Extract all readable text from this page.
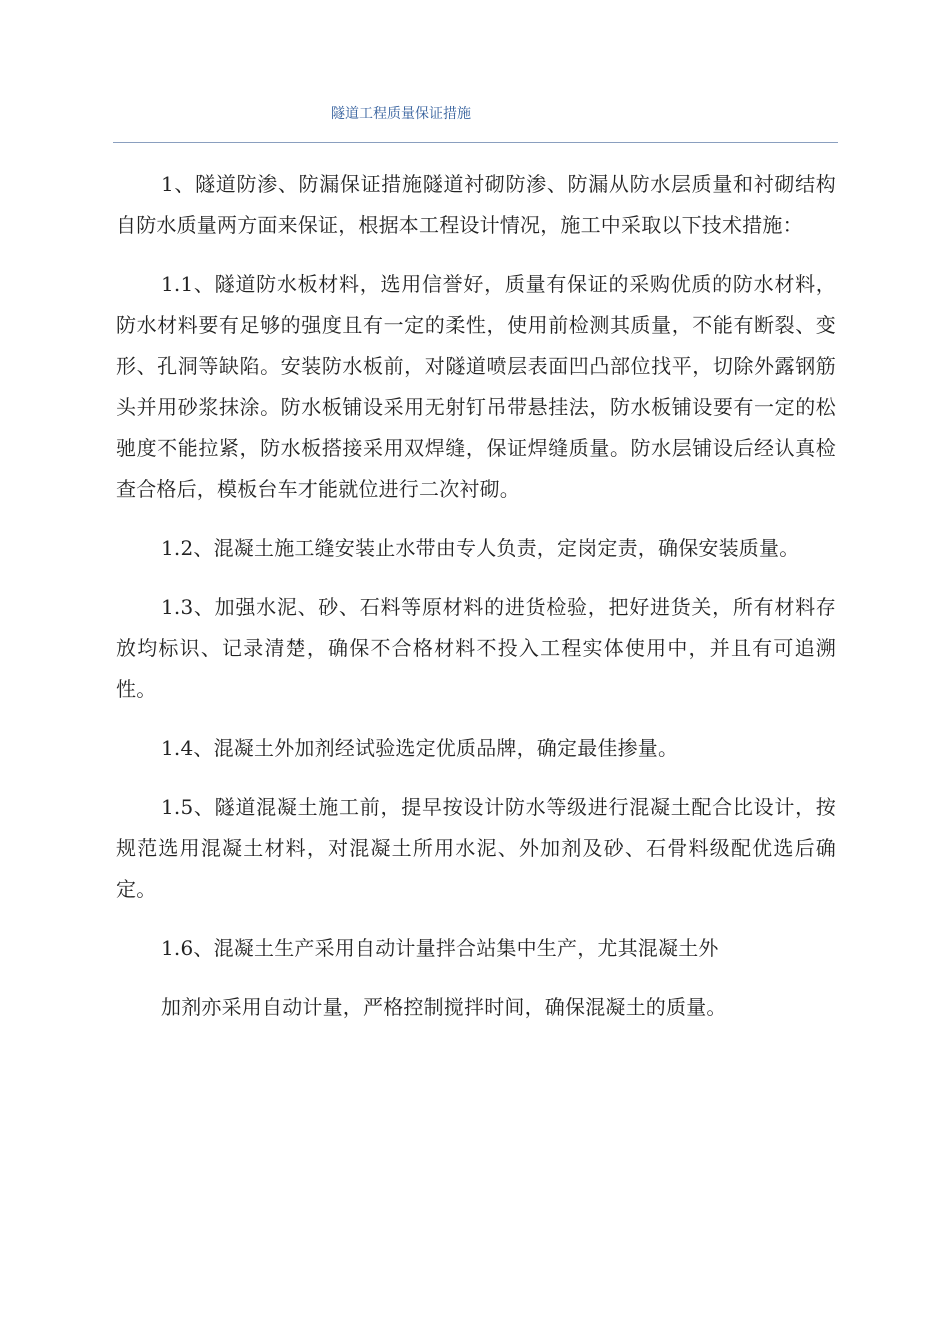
隧道工程质量保证措施

1、隧道防渗、防漏保证措施隧道衬砌防渗、防漏从防水层质量和衬砌结构自防水质量两方面来保证，根据本工程设计情况，施工中采取以下技术措施：

1.1、隧道防水板材料，选用信誉好，质量有保证的采购优质的防水材料，防水材料要有足够的强度且有一定的柔性，使用前检测其质量，不能有断裂、变形、孔洞等缺陷。安装防水板前，对隧道喷层表面凹凸部位找平，切除外露钢筋头并用砂浆抹涂。防水板铺设采用无射钉吊带悬挂法，防水板铺设要有一定的松驰度不能拉紧，防水板搭接采用双焊缝，保证焊缝质量。防水层铺设后经认真检查合格后，模板台车才能就位进行二次衬砌。

1.2、混凝土施工缝安装止水带由专人负责，定岗定责，确保安装质量。

1.3、加强水泥、砂、石料等原材料的进货检验，把好进货关，所有材料存放均标识、记录清楚，确保不合格材料不投入工程实体使用中，并且有可追溯性。

1.4、混凝土外加剂经试验选定优质品牌，确定最佳掺量。

1.5、隧道混凝土施工前，提早按设计防水等级进行混凝土配合比设计，按规范选用混凝土材料，对混凝土所用水泥、外加剂及砂、石骨料级配优选后确定。

1.6、混凝土生产采用自动计量拌合站集中生产，尤其混凝土外

加剂亦采用自动计量，严格控制搅拌时间，确保混凝土的质量。
